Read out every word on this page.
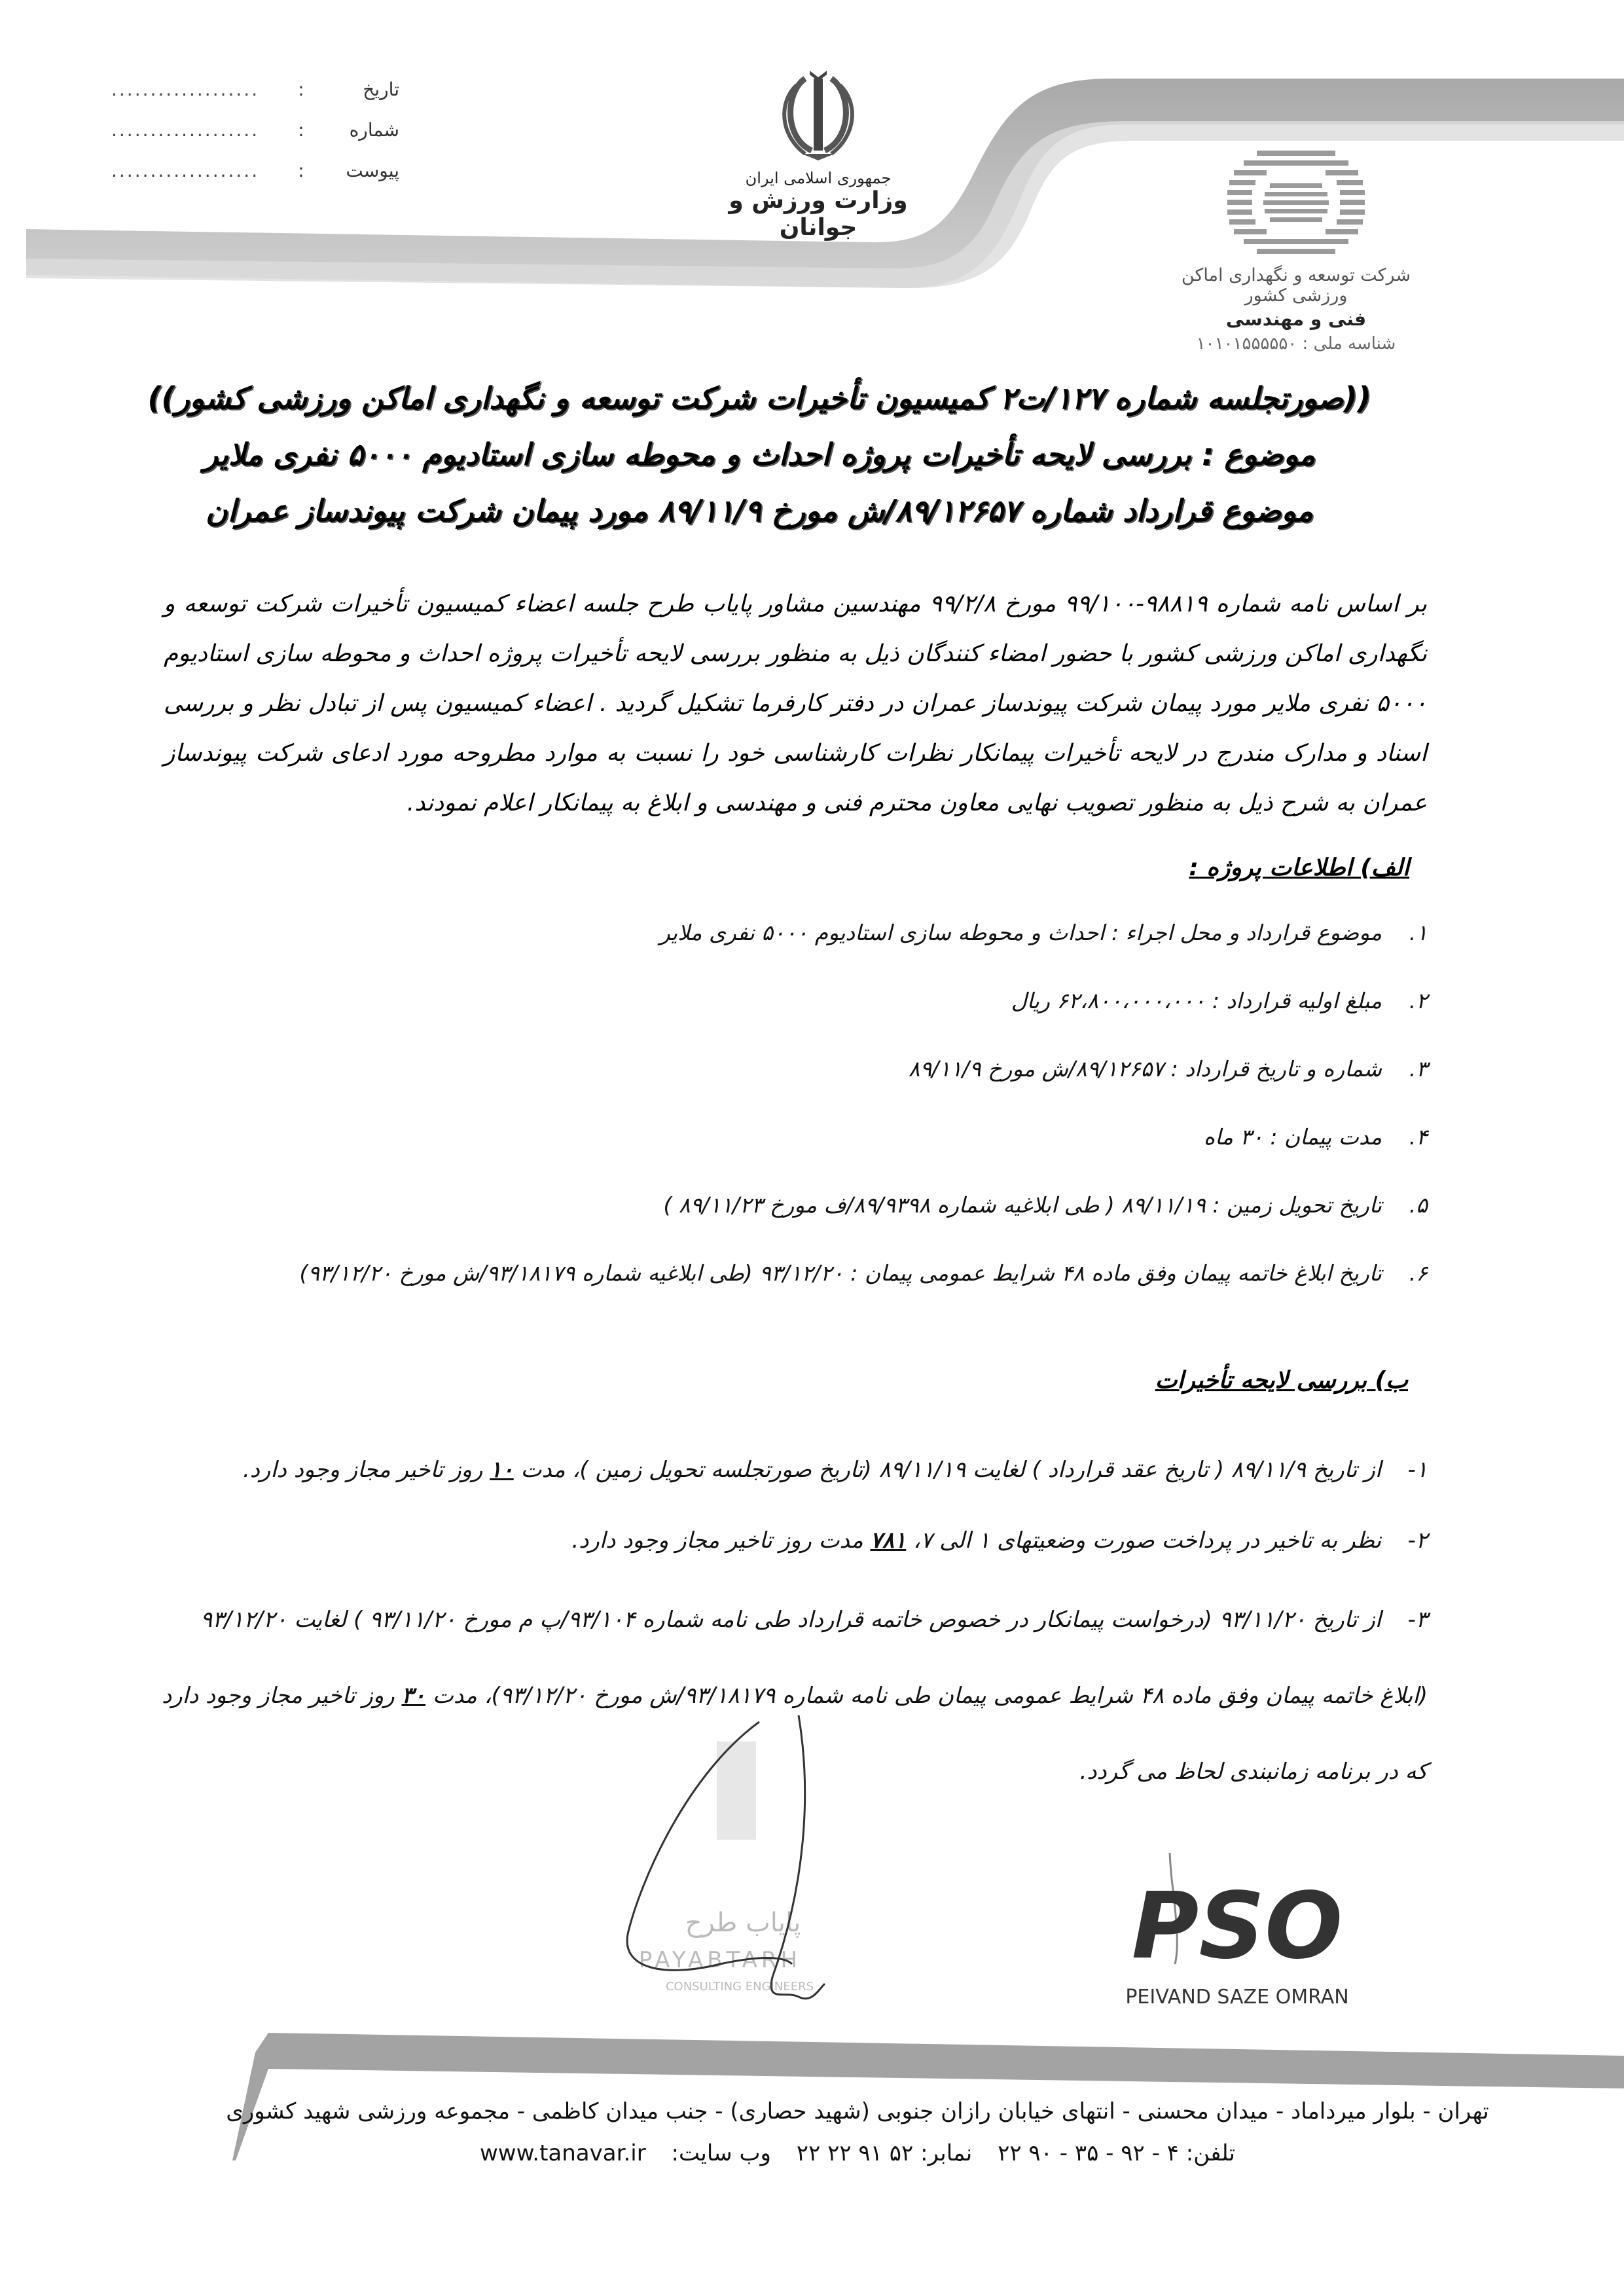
تاریخ
:
...................
شماره
:
...................
پیوست
:
...................	جمهوری اسلامی ایران
وزارت ورزش و جوانان
شرکت توسعه و نگهداری اماکن ورزشی کشور
فنی و مهندسی
شناسه ملی : ۱۰۱۰۱۵۵۵۵۵۰
((صورتجلسه شماره ۱۲۷/ت۲ کمیسیون تأخیرات شرکت توسعه و نگهداری اماکن ورزشی کشور))
موضوع : بررسی لایحه تأخیرات پروژه احداث و محوطه سازی استادیوم ۵۰۰۰ نفری ملایر
موضوع قرارداد شماره ۸۹/۱۲۶۵۷/ش مورخ ۸۹/۱۱/۹ مورد پیمان شرکت پیوندساز عمران
بر اساس نامه شماره ۹۸۸۱۹-۹۹/۱۰۰ مورخ ۹۹/۲/۸ مهندسین مشاور پایاب طرح جلسه اعضاء کمیسیون تأخیرات شرکت توسعه و نگهداری اماکن ورزشی کشور با حضور امضاء کنندگان ذیل به منظور بررسی لایحه تأخیرات پروژه احداث و محوطه سازی استادیوم ۵۰۰۰ نفری ملایر مورد پیمان شرکت پیوندساز عمران در دفتر کارفرما تشکیل گردید . اعضاء کمیسیون پس از تبادل نظر و بررسی اسناد و مدارک مندرج در لایحه تأخیرات پیمانکار نظرات کارشناسی خود را نسبت به موارد مطروحه مورد ادعای شرکت پیوندساز عمران به شرح ذیل به منظور تصویب نهایی معاون محترم فنی و مهندسی و ابلاغ به پیمانکار اعلام نمودند.
الف) اطلاعات پروژه :
۱.
موضوع قرارداد و محل اجراء : احداث و محوطه سازی استادیوم ۵۰۰۰ نفری ملایر
۲.
مبلغ اولیه قرارداد : ۶۲،۸۰۰،۰۰۰،۰۰۰ ریال
۳.
شماره و تاریخ قرارداد : ۸۹/۱۲۶۵۷/ش مورخ ۸۹/۱۱/۹
۴.
مدت پیمان : ۳۰ ماه
۵.
تاریخ تحویل زمین : ۸۹/۱۱/۱۹ ( طی ابلاغیه شماره ۸۹/۹۳۹۸/ف مورخ ۸۹/۱۱/۲۳ )
۶.
تاریخ ابلاغ خاتمه پیمان وفق ماده ۴۸ شرایط عمومی پیمان : ۹۳/۱۲/۲۰ (طی ابلاغیه شماره ۹۳/۱۸۱۷۹/ش مورخ ۹۳/۱۲/۲۰)
ب) بررسی لایحه تأخیرات
۱- از تاریخ ۸۹/۱۱/۹ ( تاریخ عقد قرارداد ) لغایت ۸۹/۱۱/۱۹ (تاریخ صورتجلسه تحویل زمین )، مدت ۱۰ روز تاخیر مجاز وجود دارد.
۲- نظر به تاخیر در پرداخت صورت وضعیتهای ۱ الی ۷، ۷۸۱ مدت روز تاخیر مجاز وجود دارد.
۳- از تاریخ ۹۳/۱۱/۲۰ (درخواست پیمانکار در خصوص خاتمه قرارداد طی نامه شماره ۹۳/۱۰۴/پ م مورخ ۹۳/۱۱/۲۰ ) لغایت ۹۳/۱۲/۲۰ (ابلاغ خاتمه پیمان وفق ماده ۴۸ شرایط عمومی پیمان طی نامه شماره ۹۳/۱۸۱۷۹/ش مورخ ۹۳/۱۲/۲۰)، مدت ۳۰ روز تاخیر مجاز وجود دارد که در برنامه زمانبندی لحاظ می گردد.
پایاب طرح
PAYABTARH
CONSULTING ENGINEERS
PSO
PEIVAND SAZE OMRAN
تهران - بلوار میرداماد - میدان محسنی - انتهای خیابان رازان جنوبی (شهید حصاری) - جنب میدان کاظمی - مجموعه ورزشی شهید کشوری
تلفن: ۴ - ۹۲ - ۳۵ - ۹۰ ۲۲ نمابر: ۵۲ ۹۱ ۲۲ ۲۲ وب سایت: www.tanavar.ir
